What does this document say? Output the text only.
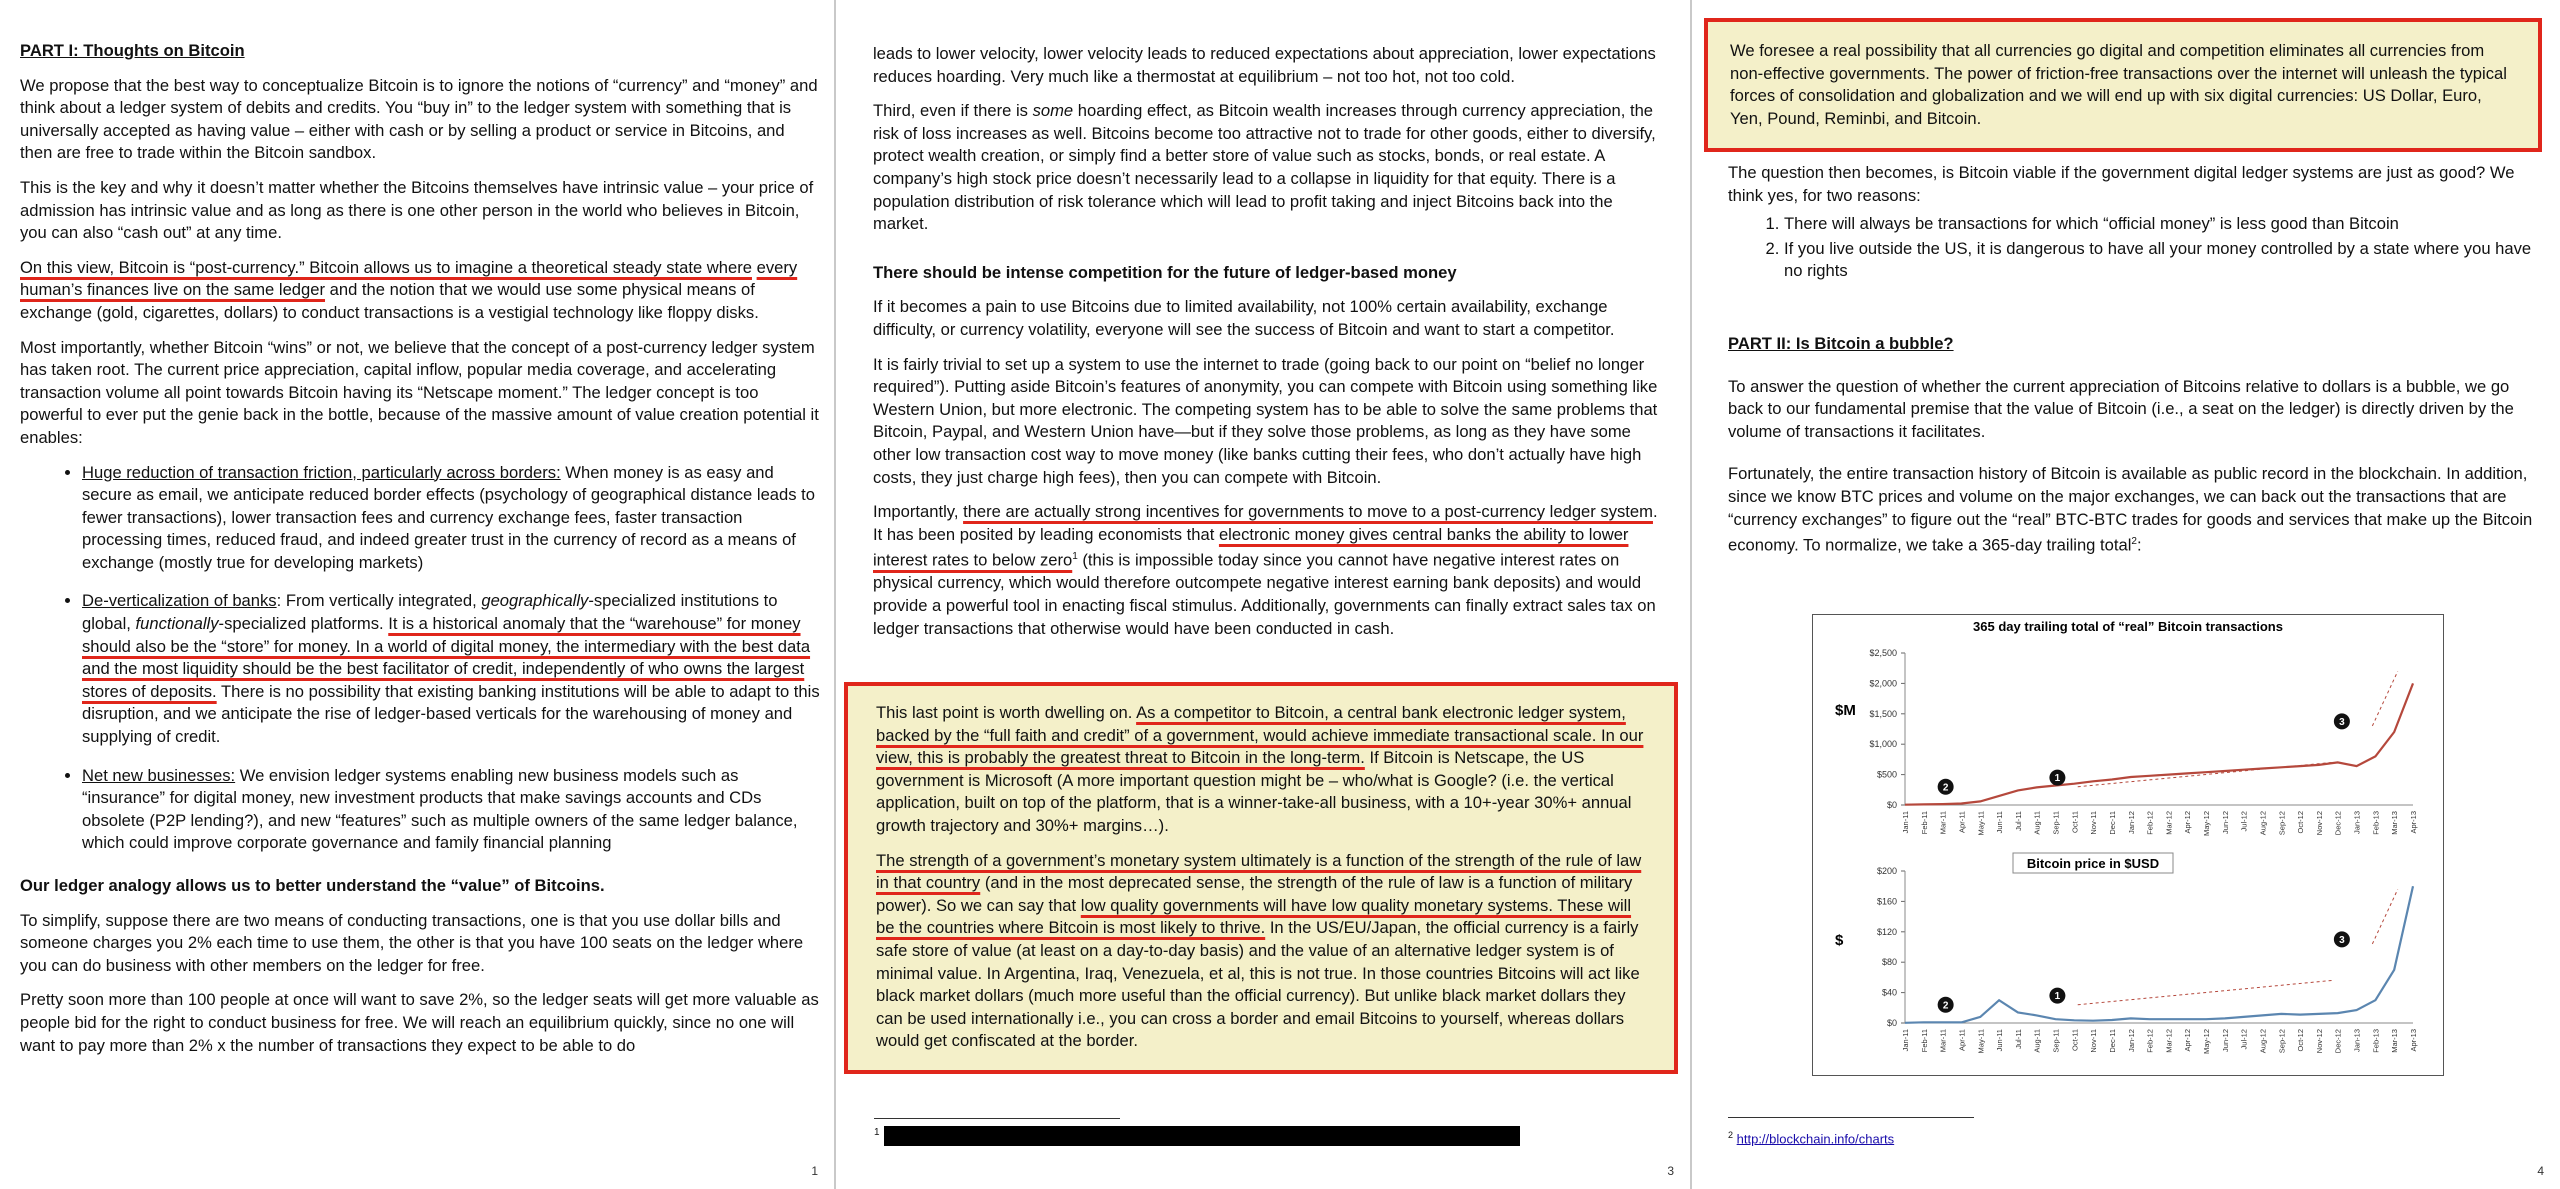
PART I: Thoughts on Bitcoin

We propose that the best way to conceptualize Bitcoin is to ignore the notions of “currency” and “money” and think about a ledger system of debits and credits. You “buy in” to the ledger system with something that is universally accepted as having value – either with cash or by selling a product or service in Bitcoins, and then are free to trade within the Bitcoin sandbox.

This is the key and why it doesn’t matter whether the Bitcoins themselves have intrinsic value – your price of admission has intrinsic value and as long as there is one other person in the world who believes in Bitcoin, you can also “cash out” at any time.

On this view, Bitcoin is “post-currency.” Bitcoin allows us to imagine a theoretical steady state where every human’s finances live on the same ledger and the notion that we would use some physical means of exchange (gold, cigarettes, dollars) to conduct transactions is a vestigial technology like floppy disks.

Most importantly, whether Bitcoin “wins” or not, we believe that the concept of a post-currency ledger system has taken root. The current price appreciation, capital inflow, popular media coverage, and accelerating transaction volume all point towards Bitcoin having its “Netscape moment.” The ledger concept is too powerful to ever put the genie back in the bottle, because of the massive amount of value creation potential it enables:

• Huge reduction of transaction friction, particularly across borders: When money is as easy and secure as email, we anticipate reduced border effects (psychology of geographical distance leads to fewer transactions), lower transaction fees and currency exchange fees, faster transaction processing times, reduced fraud, and indeed greater trust in the currency of record as a means of exchange (mostly true for developing markets)
• De-verticalization of banks: From vertically integrated, geographically-specialized institutions to global, functionally-specialized platforms. It is a historical anomaly that the “warehouse” for money should also be the “store” for money. In a world of digital money, the intermediary with the best data and the most liquidity should be the best facilitator of credit, independently of who owns the largest stores of deposits. There is no possibility that existing banking institutions will be able to adapt to this disruption, and we anticipate the rise of ledger-based verticals for the warehousing of money and supplying of credit.
• Net new businesses: We envision ledger systems enabling new business models such as “insurance” for digital money, new investment products that make savings accounts and CDs obsolete (P2P lending?), and new “features” such as multiple owners of the same ledger balance, which could improve corporate governance and family financial planning

Our ledger analogy allows us to better understand the “value” of Bitcoins.

To simplify, suppose there are two means of conducting transactions, one is that you use dollar bills and someone charges you 2% each time to use them, the other is that you have 100 seats on the ledger where you can do business with other members on the ledger for free.

Pretty soon more than 100 people at once will want to save 2%, so the ledger seats will get more valuable as people bid for the right to conduct business for free. We will reach an equilibrium quickly, since no one will want to pay more than 2% x the number of transactions they expect to be able to do

1

leads to lower velocity, lower velocity leads to reduced expectations about appreciation, lower expectations reduces hoarding. Very much like a thermostat at equilibrium – not too hot, not too cold.

Third, even if there is some hoarding effect, as Bitcoin wealth increases through currency appreciation, the risk of loss increases as well. Bitcoins become too attractive not to trade for other goods, either to diversify, protect wealth creation, or simply find a better store of value such as stocks, bonds, or real estate. A company’s high stock price doesn’t necessarily lead to a collapse in liquidity for that equity. There is a population distribution of risk tolerance which will lead to profit taking and inject Bitcoins back into the market.

There should be intense competition for the future of ledger-based money

If it becomes a pain to use Bitcoins due to limited availability, not 100% certain availability, exchange difficulty, or currency volatility, everyone will see the success of Bitcoin and want to start a competitor.

It is fairly trivial to set up a system to use the internet to trade (going back to our point on “belief no longer required”). Putting aside Bitcoin’s features of anonymity, you can compete with Bitcoin using something like Western Union, but more electronic. The competing system has to be able to solve the same problems that Bitcoin, Paypal, and Western Union have—but if they solve those problems, as long as they have some other low transaction cost way to move money (like banks cutting their fees, who don’t actually have high costs, they just charge high fees), then you can compete with Bitcoin.

Importantly, there are actually strong incentives for governments to move to a post-currency ledger system. It has been posited by leading economists that electronic money gives central banks the ability to lower interest rates to below zero$^1$ (this is impossible today since you cannot have negative interest rates on physical currency, which would therefore outcompete negative interest earning bank deposits) and would provide a powerful tool in enacting fiscal stimulus. Additionally, governments can finally extract sales tax on ledger transactions that otherwise would have been conducted in cash.

This last point is worth dwelling on. As a competitor to Bitcoin, a central bank electronic ledger system, backed by the “full faith and credit” of a government, would achieve immediate transactional scale. In our view, this is probably the greatest threat to Bitcoin in the long-term. If Bitcoin is Netscape, the US government is Microsoft (A more important question might be – who/what is Google? (i.e. the vertical application, built on top of the platform, that is a winner-take-all business, with a 10+-year 30%+ annual growth trajectory and 30%+ margins…).

The strength of a government’s monetary system ultimately is a function of the strength of the rule of law in that country (and in the most deprecated sense, the strength of the rule of law is a function of military power). So we can say that low quality governments will have low quality monetary systems. These will be the countries where Bitcoin is most likely to thrive. In the US/EU/Japan, the official currency is a fairly safe store of value (at least on a day-to-day basis) and the value of an alternative ledger system is of minimal value. In Argentina, Iraq, Venezuela, et al, this is not true. In those countries Bitcoins will act like black market dollars (much more useful than the official currency). But unlike black market dollars they can be used internationally i.e., you can cross a border and email Bitcoins to yourself, whereas dollars would get confiscated at the border.

1
3

We foresee a real possibility that all currencies go digital and competition eliminates all currencies from non-effective governments. The power of friction-free transactions over the internet will unleash the typical forces of consolidation and globalization and we will end up with six digital currencies: US Dollar, Euro, Yen, Pound, Reminbi, and Bitcoin.

The question then becomes, is Bitcoin viable if the government digital ledger systems are just as good? We think yes, for two reasons:

1. There will always be transactions for which “official money” is less good than Bitcoin
2. If you live outside the US, it is dangerous to have all your money controlled by a state where you have no rights

PART II: Is Bitcoin a bubble?

To answer the question of whether the current appreciation of Bitcoins relative to dollars is a bubble, we go back to our fundamental premise that the value of Bitcoin (i.e., a seat on the ledger) is directly driven by the volume of transactions it facilitates.

Fortunately, the entire transaction history of Bitcoin is available as public record in the blockchain. In addition, since we know BTC prices and volume on the major exchanges, we can back out the transactions that are “currency exchanges” to figure out the “real” BTC-BTC trades for goods and services that make up the Bitcoin economy. To normalize, we take a 365-day trailing total$^2$:

365 day trailing total of “real” Bitcoin transactions
$M
$0
$500
$1,000
$1,500
$2,000
$2,500
Jan-11 Feb-11 Mar-11 Apr-11 May-11 Jun-11 Jul-11 Aug-11 Sep-11 Oct-11 Nov-11 Dec-11 Jan-12 Feb-12 Mar-12 Apr-12 May-12 Jun-12 Jul-12 Aug-12 Sep-12 Oct-12 Nov-12 Dec-12 Jan-13 Feb-13 Mar-13 Apr-13
2
1
3
Bitcoin price in $USD
$
$0
$40
$80
$120
$160
$200
Jan-11 Feb-11 Mar-11 Apr-11 May-11 Jun-11 Jul-11 Aug-11 Sep-11 Oct-11 Nov-11 Dec-11 Jan-12 Feb-12 Mar-12 Apr-12 May-12 Jun-12 Jul-12 Aug-12 Sep-12 Oct-12 Nov-12 Dec-12 Jan-13 Feb-13 Mar-13 Apr-13
2
1
3
$^2$ http://blockchain.info/charts
4
